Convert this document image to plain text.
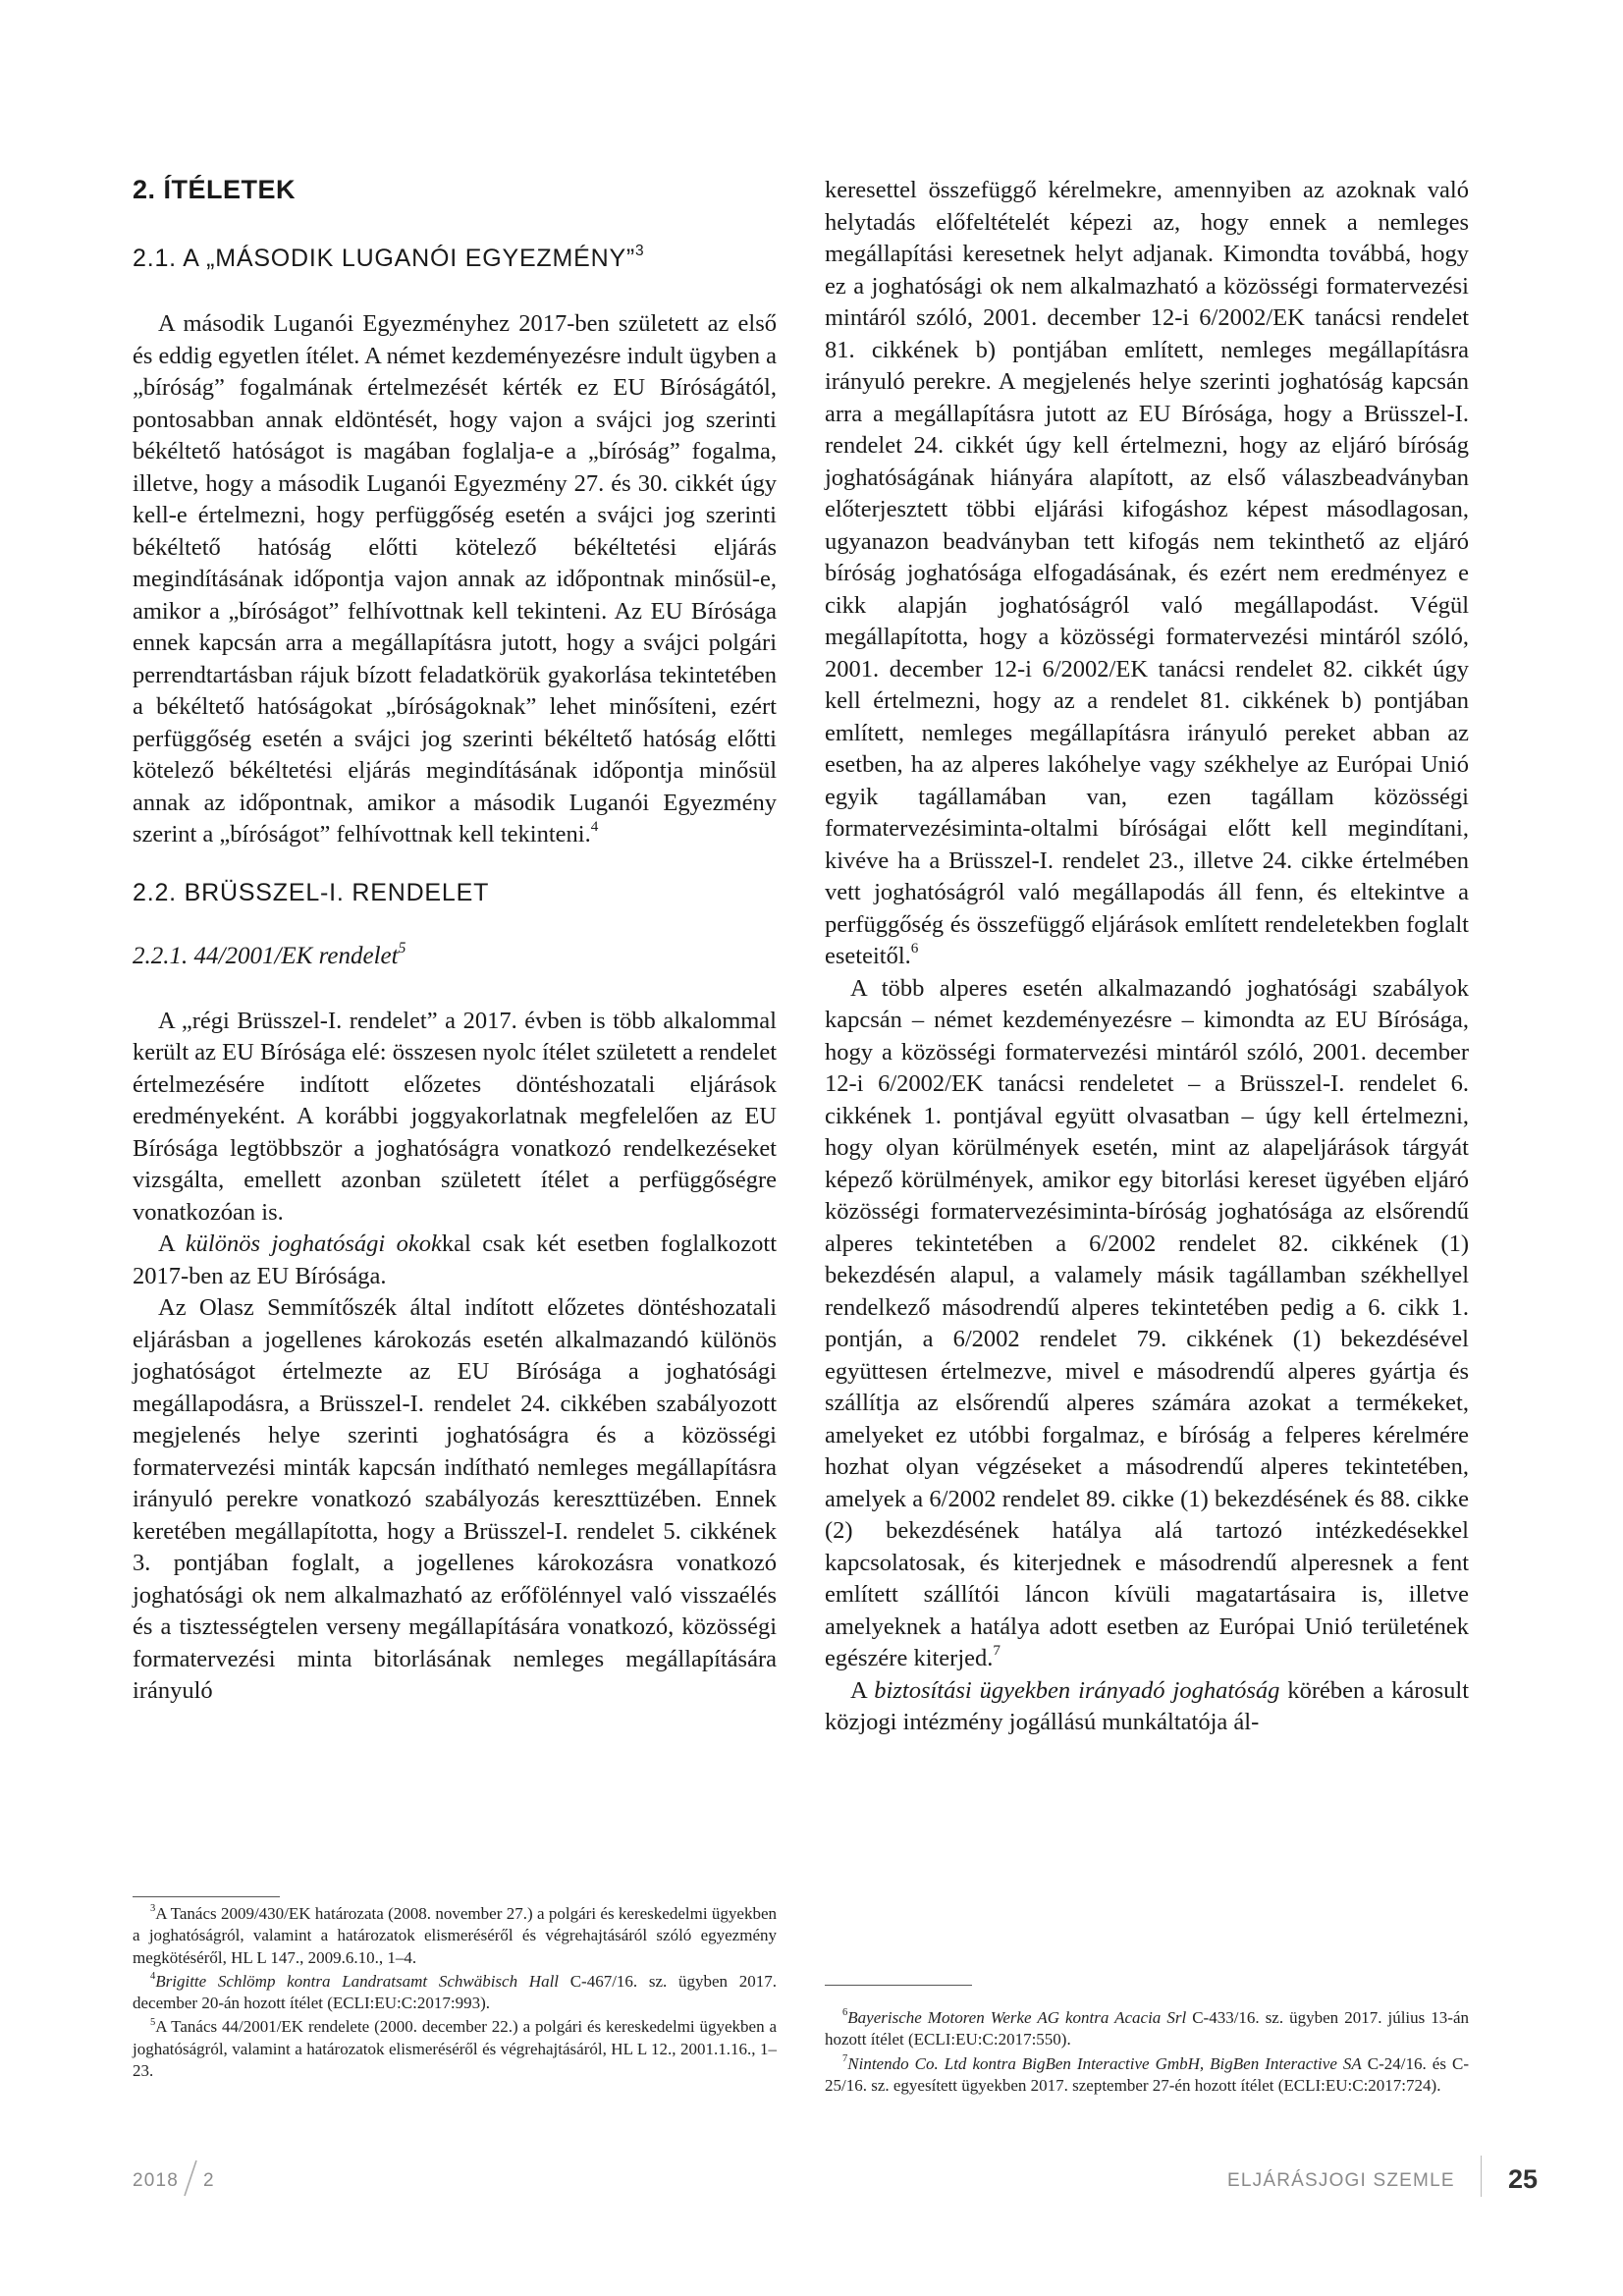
2. ÍTÉLETEK
2.1. A „MÁSODIK LUGANÓI EGYEZMÉNY”$^3$

A második Luganói Egyezményhez 2017-ben született az első és eddig egyetlen ítélet. A német kezdeményezésre indult ügyben a „bíróság” fogalmának értelmezését kérték ez EU Bíróságától, pontosabban annak eldöntését, hogy vajon a svájci jog szerinti békéltető hatóságot is magában foglalja-e a „bíróság” fogalma, illetve, hogy a második Luganói Egyezmény 27. és 30. cikkét úgy kell-e értelmezni, hogy perfüggőség esetén a svájci jog szerinti békéltető hatóság előtti kötelező békéltetési eljárás megindításának időpontja vajon annak az időpontnak minősül-e, amikor a „bíróságot” felhívottnak kell tekinteni. Az EU Bírósága ennek kapcsán arra a megállapításra jutott, hogy a svájci polgári perrendtartásban rájuk bízott feladatkörük gyakorlása tekintetében a békéltető hatóságokat „bíróságoknak” lehet minősíteni, ezért perfüggőség esetén a svájci jog szerinti békéltető hatóság előtti kötelező békéltetési eljárás megindításának időpontja minősül annak az időpontnak, amikor a második Luganói Egyezmény szerint a „bíróságot” felhívottnak kell tekinteni.$^4$

2.2. BRÜSSZEL-I. RENDELET
2.2.1. 44/2001/EK rendelet$^5$

A „régi Brüsszel-I. rendelet” a 2017. évben is több alkalommal került az EU Bírósága elé: összesen nyolc ítélet született a rendelet értelmezésére indított előzetes döntéshozatali eljárások eredményeként. A korábbi joggyakorlatnak megfelelően az EU Bírósága legtöbbször a joghatóságra vonatkozó rendelkezéseket vizsgálta, emellett azonban született ítélet a perfüggőségre vonatkozóan is.

A különös joghatósági okokkal csak két esetben foglalkozott 2017-ben az EU Bírósága.

Az Olasz Semmítőszék által indított előzetes döntéshozatali eljárásban a jogellenes károkozás esetén alkalmazandó különös joghatóságot értelmezte az EU Bírósága a joghatósági megállapodásra, a Brüsszel-I. rendelet 24. cikkében szabályozott megjelenés helye szerinti joghatóságra és a közösségi formatervezési minták kapcsán indítható nemleges megállapításra irányuló perekre vonatkozó szabályozás kereszttüzében. Ennek keretében megállapította, hogy a Brüsszel-I. rendelet 5. cikkének 3. pontjában foglalt, a jogellenes károkozásra vonatkozó joghatósági ok nem alkalmazható az erőfölénnyel való visszaélés és a tisztességtelen verseny megállapítására vonatkozó, közösségi formatervezési minta bitorlásának nemleges megállapítására irányuló

keresettel összefüggő kérelmekre, amennyiben az azoknak való helytadás előfeltételét képezi az, hogy ennek a nemleges megállapítási keresetnek helyt adjanak. Kimondta továbbá, hogy ez a joghatósági ok nem alkalmazható a közösségi formatervezési mintáról szóló, 2001. december 12-i 6/2002/EK tanácsi rendelet 81. cikkének b) pontjában említett, nemleges megállapításra irányuló perekre. A megjelenés helye szerinti joghatóság kapcsán arra a megállapításra jutott az EU Bírósága, hogy a Brüsszel-I. rendelet 24. cikkét úgy kell értelmezni, hogy az eljáró bíróság joghatóságának hiányára alapított, az első válaszbeadványban előterjesztett többi eljárási kifogáshoz képest másodlagosan, ugyanazon beadványban tett kifogás nem tekinthető az eljáró bíróság joghatósága elfogadásának, és ezért nem eredményez e cikk alapján joghatóságról való megállapodást. Végül megállapította, hogy a közösségi formatervezési mintáról szóló, 2001. december 12-i 6/2002/EK tanácsi rendelet 82. cikkét úgy kell értelmezni, hogy az a rendelet 81. cikkének b) pontjában említett, nemleges megállapításra irányuló pereket abban az esetben, ha az alperes lakóhelye vagy székhelye az Európai Unió egyik tagállamában van, ezen tagállam közösségi formatervezésiminta-oltalmi bíróságai előtt kell megindítani, kivéve ha a Brüsszel-I. rendelet 23., illetve 24. cikke értelmében vett joghatóságról való megállapodás áll fenn, és eltekintve a perfüggőség és összefüggő eljárások említett rendeletekben foglalt eseteitől.$^6$

A több alperes esetén alkalmazandó joghatósági szabályok kapcsán – német kezdeményezésre – kimondta az EU Bírósága, hogy a közösségi formatervezési mintáról szóló, 2001. december 12-i 6/2002/EK tanácsi rendeletet – a Brüsszel-I. rendelet 6. cikkének 1. pontjával együtt olvasatban – úgy kell értelmezni, hogy olyan körülmények esetén, mint az alapeljárások tárgyát képező körülmények, amikor egy bitorlási kereset ügyében eljáró közösségi formatervezésiminta-bíróság joghatósága az elsőrendű alperes tekintetében a 6/2002 rendelet 82. cikkének (1) bekezdésén alapul, a valamely másik tagállamban székhellyel rendelkező másodrendű alperes tekintetében pedig a 6. cikk 1. pontján, a 6/2002 rendelet 79. cikkének (1) bekezdésével együttesen értelmezve, mivel e másodrendű alperes gyártja és szállítja az elsőrendű alperes számára azokat a termékeket, amelyeket ez utóbbi forgalmaz, e bíróság a felperes kérelmére hozhat olyan végzéseket a másodrendű alperes tekintetében, amelyek a 6/2002 rendelet 89. cikke (1) bekezdésének és 88. cikke (2) bekezdésének hatálya alá tartozó intézkedésekkel kapcsolatosak, és kiterjednek e másodrendű alperesnek a fent említett szállítói láncon kívüli magatartásaira is, illetve amelyeknek a hatálya adott esetben az Európai Unió területének egészére kiterjed.$^7$

A biztosítási ügyekben irányadó joghatóság körében a károsult közjogi intézmény jogállású munkáltatója ál-

$^3$A Tanács 2009/430/EK határozata (2008. november 27.) a polgári és kereskedelmi ügyekben a joghatóságról, valamint a határozatok elismeréséről és végrehajtásáról szóló egyezmény megkötéséről, HL L 147., 2009.6.10., 1–4.

$^4$Brigitte Schlömp kontra Landratsamt Schwäbisch Hall C-467/16. sz. ügyben 2017. december 20-án hozott ítélet (ECLI:EU:C:2017:993).

$^5$A Tanács 44/2001/EK rendelete (2000. december 22.) a polgári és kereskedelmi ügyekben a joghatóságról, valamint a határozatok elismeréséről és végrehajtásáról, HL L 12., 2001.1.16., 1–23.

$^6$Bayerische Motoren Werke AG kontra Acacia Srl C-433/16. sz. ügyben 2017. július 13-án hozott ítélet (ECLI:EU:C:2017:550).

$^7$Nintendo Co. Ltd kontra BigBen Interactive GmbH, BigBen Interactive SA C-24/16. és C-25/16. sz. egyesített ügyekben 2017. szeptember 27-én hozott ítélet (ECLI:EU:C:2017:724).

2018 2	ELJÁRÁSJOGI SZEMLE 25
